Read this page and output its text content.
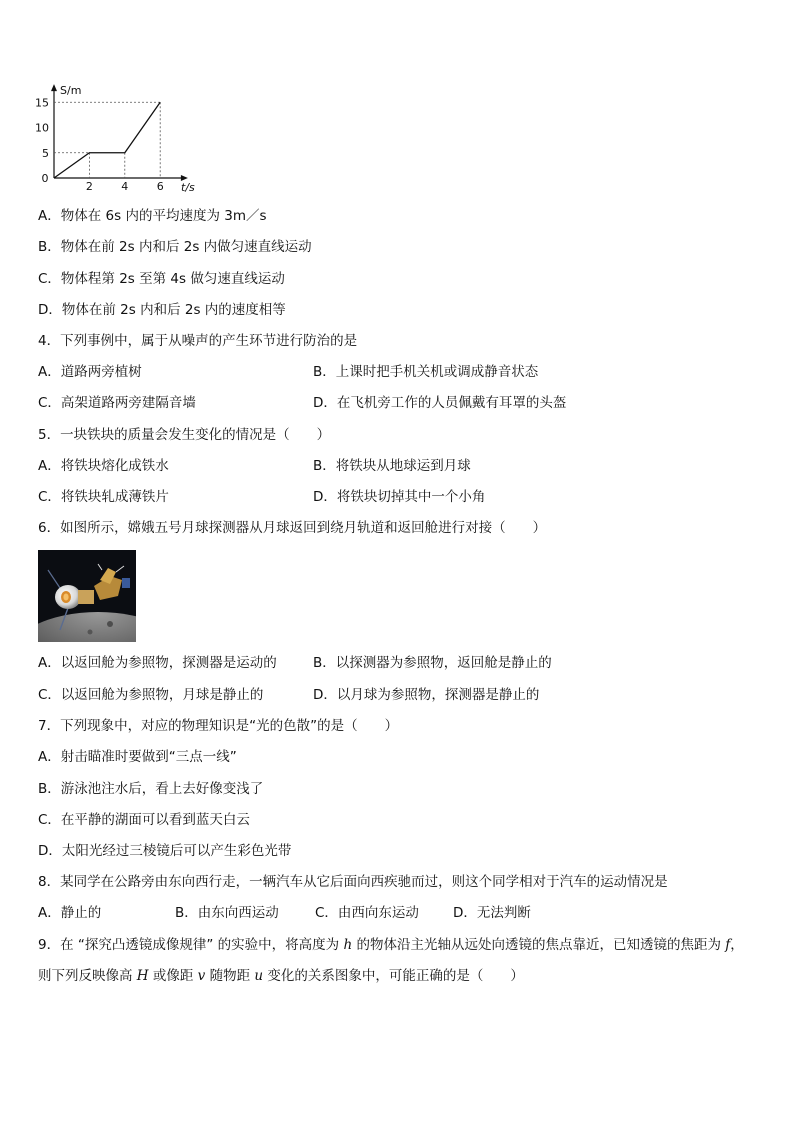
0
2	4	6
5
10
15
S/m
t/s
A．物体在 6s 内的平均速度为 3m／s
B．物体在前 2s 内和后 2s 内做匀速直线运动
C．物体程第 2s 至第 4s 做匀速直线运动
D．物体在前 2s 内和后 2s 内的速度相等
4．下列事例中，属于从噪声的产生环节进行防治的是
A．道路两旁植树	B．上课时把手机关机或调成静音状态
C．高架道路两旁建隔音墙	D．在飞机旁工作的人员佩戴有耳罩的头盔
5．一块铁块的质量会发生变化的情况是（　　）
A．将铁块熔化成铁水	B．将铁块从地球运到月球
C．将铁块轧成薄铁片	D．将铁块切掉其中一个小角
6．如图所示，嫦娥五号月球探测器从月球返回到绕月轨道和返回舱进行对接（　　）
A．以返回舱为参照物，探测器是运动的	B．以探测器为参照物，返回舱是静止的
C．以返回舱为参照物，月球是静止的	D．以月球为参照物，探测器是静止的
7．下列现象中，对应的物理知识是“光的色散”的是（　　）
A．射击瞄准时要做到“三点一线”
B．游泳池注水后，看上去好像变浅了
C．在平静的湖面可以看到蓝天白云
D．太阳光经过三棱镜后可以产生彩色光带
8．某同学在公路旁由东向西行走，一辆汽车从它后面向西疾驰而过，则这个同学相对于汽车的运动情况是
A．静止的	B．由东向西运动	C．由西向东运动	D．无法判断
9．在 “探究凸透镜成像规律” 的实验中，将高度为 h 的物体沿主光轴从远处向透镜的焦点靠近，已知透镜的焦距为 f，
则下列反映像高 H 或像距 v 随物距 u 变化的关系图象中，可能正确的是（　　）
